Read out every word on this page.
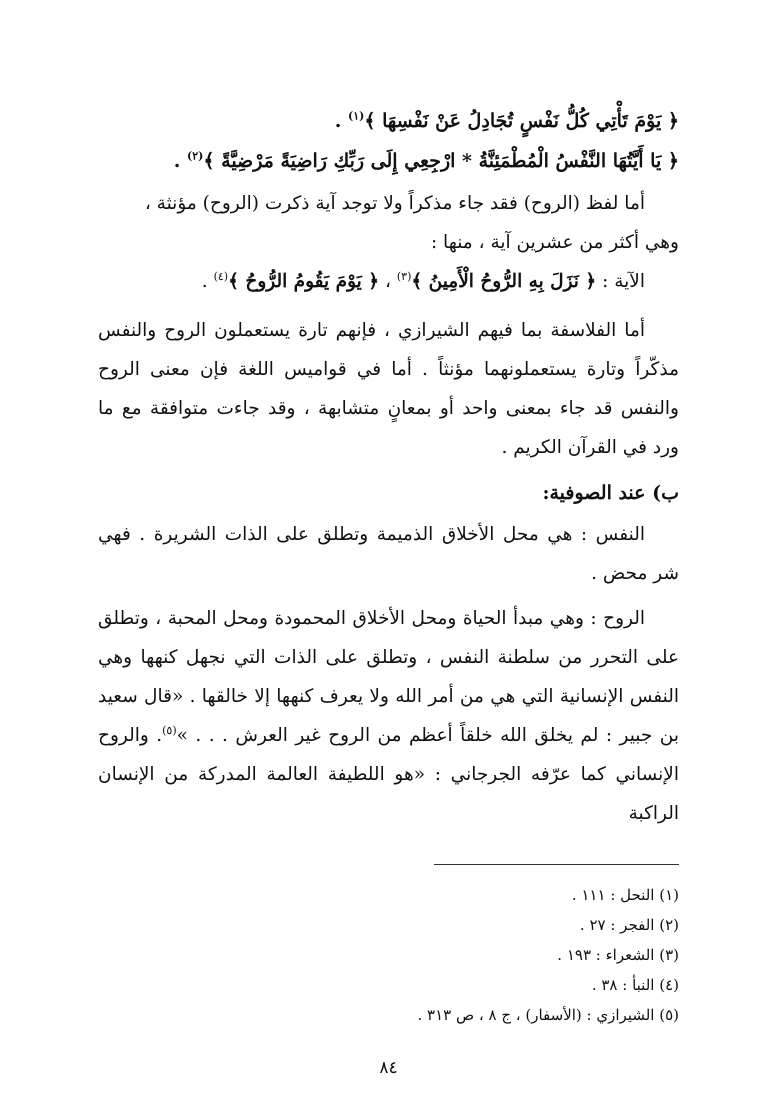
﴿ يَوْمَ تَأْتِي كُلُّ نَفْسٍ تُجَادِلُ عَنْ نَفْسِهَا ﴾$^{(١)}$ .

﴿ يَا أَيَّتُهَا النَّفْسُ الْمُطْمَئِنَّةُ * ارْجِعِي إِلَى رَبِّكِ رَاضِيَةً مَرْضِيَّةً ﴾$^{(٢)}$ .

أما لفظ (الروح) فقد جاء مذكراً ولا توجد آية ذكرت (الروح) مؤنثة ،

وهي أكثر من عشرين آية ، منها :

الآية : ﴿ نَزَلَ بِهِ الرُّوحُ الْأَمِينُ ﴾$^{(٣)}$ ، ﴿ يَوْمَ يَقُومُ الرُّوحُ ﴾$^{(٤)}$ .

أما الفلاسفة بما فيهم الشيرازي ، فإنهم تارة يستعملون الروح والنفس مذكّراً وتارة يستعملونهما مؤنثاً . أما في قواميس اللغة فإن معنى الروح والنفس قد جاء بمعنى واحد أو بمعانٍ متشابهة ، وقد جاءت متوافقة مع ما ورد في القرآن الكريم .

ب) عند الصوفية:

النفس : هي محل الأخلاق الذميمة وتطلق على الذات الشريرة . فهي شر محض .

الروح : وهي مبدأ الحياة ومحل الأخلاق المحمودة ومحل المحبة ، وتطلق على التحرر من سلطنة النفس ، وتطلق على الذات التي نجهل كنهها وهي النفس الإنسانية التي هي من أمر الله ولا يعرف كنهها إلا خالقها . «قال سعيد بن جبير : لم يخلق الله خلقاً أعظم من الروح غير العرش . . . »$^{(٥)}$. والروح الإنساني كما عرّفه الجرجاني : «هو اللطيفة العالمة المدركة من الإنسان الراكبة

(١) النحل : ١١١ .

(٢) الفجر : ٢٧ .

(٣) الشعراء : ١٩٣ .

(٤) النبأ : ٣٨ .

(٥) الشيرازي : (الأسفار) ، ج ٨ ، ص ٣١٣ .

٨٤
